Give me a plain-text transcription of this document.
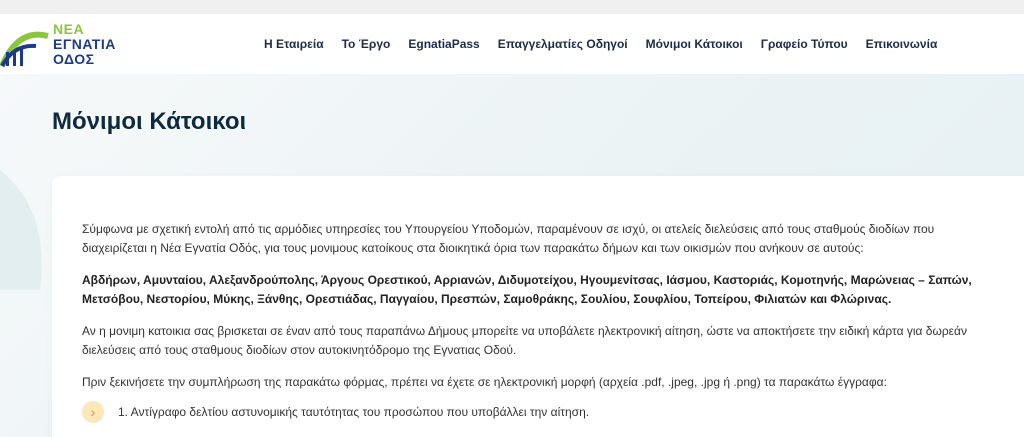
ΝΕΑ
ΕΓΝΑΤΙΑ
ΟΔΟΣ
Η Εταιρεία Το Έργο EgnatiaPass Επαγγελματίες Οδηγοί Μόνιμοι Κάτοικοι Γραφείο Τύπου Επικοινωνία
Μόνιμοι Κάτοικοι

Σύμφωνα με σχετική εντολή από τις αρμόδιες υπηρεσίες του Υπουργείου Υποδομών, παραμένουν σε ισχύ, οι ατελείς διελεύσεις από τους σταθμούς διοδίων που διαχειρίζεται η Νέα Εγνατία Οδός, για τους μονιμους κατοίκους στα διοικητικά όρια των παρακάτω δήμων και των οικισμών που ανήκουν σε αυτούς:

Αβδήρων, Αμυνταίου, Αλεξανδρούπολης, Άργους Ορεστικού, Αρριανών, Διδυμοτείχου, Ηγουμενίτσας, Ιάσμου, Καστοριάς, Κομοτηνής, Μαρώνειας – Σαπών, Μετσόβου, Νεστορίου, Μύκης, Ξάνθης, Ορεστιάδας, Παγγαίου, Πρεσπών, Σαμοθράκης, Σουλίου, Σουφλίου, Τοπείρου, Φιλιατών και Φλώρινας.

Αν η μονιμη κατοικια σας βρισκεται σε έναν από τους παραπάνω Δήμους μπορείτε να υποβάλετε ηλεκτρονική αίτηση, ώστε να αποκτήσετε την ειδική κάρτα για δωρεάν διελεύσεις από τους σταθμους διοδίων στον αυτοκινητόδρομο της Εγνατιας Οδού.

Πριν ξεκινήσετε την συμπλήρωση της παρακάτω φόρμας, πρέπει να έχετε σε ηλεκτρονική μορφή (αρχεία .pdf, .jpeg, .jpg ή .png) τα παρακάτω έγγραφα:

›	1. Αντίγραφο δελτίου αστυνομικής ταυτότητας του προσώπου που υποβάλλει την αίτηση.
